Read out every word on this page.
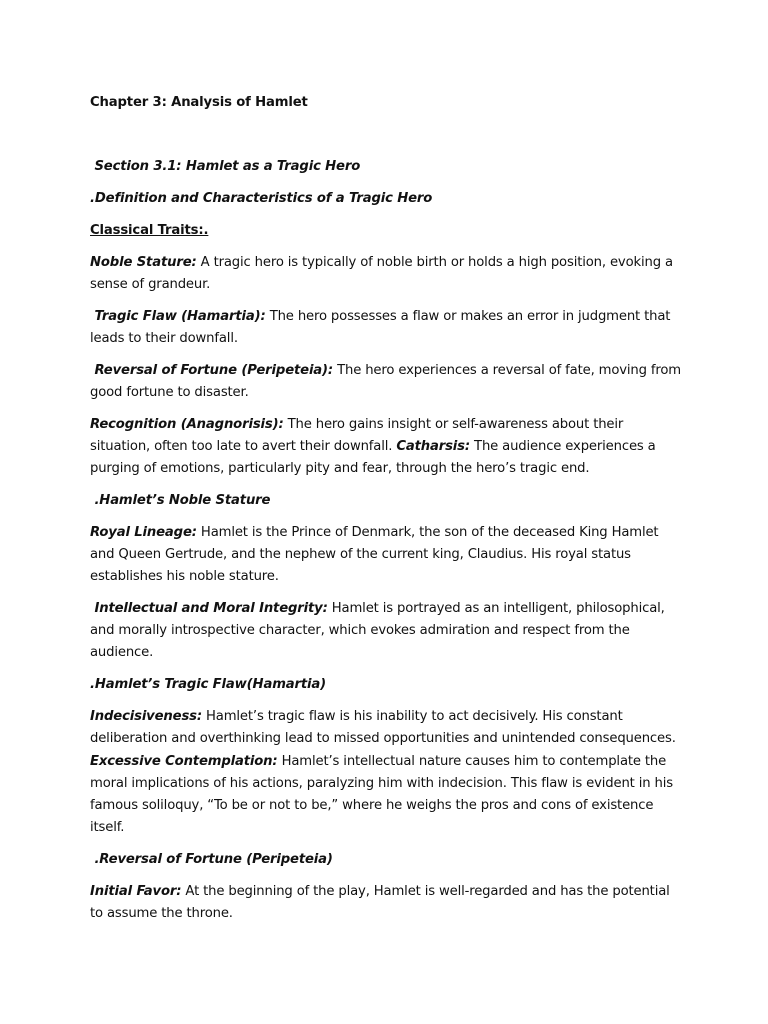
Chapter 3: Analysis of Hamlet

Section 3.1: Hamlet as a Tragic Hero

.Definition and Characteristics of a Tragic Hero

Classical Traits:.

Noble Stature: A tragic hero is typically of noble birth or holds a high position, evoking a sense of grandeur.

Tragic Flaw (Hamartia): The hero possesses a flaw or makes an error in judgment that leads to their downfall.

Reversal of Fortune (Peripeteia): The hero experiences a reversal of fate, moving from good fortune to disaster.

Recognition (Anagnorisis): The hero gains insight or self-awareness about their situation, often too late to avert their downfall. Catharsis: The audience experiences a purging of emotions, particularly pity and fear, through the hero’s tragic end.

.Hamlet’s Noble Stature

Royal Lineage: Hamlet is the Prince of Denmark, the son of the deceased King Hamlet and Queen Gertrude, and the nephew of the current king, Claudius. His royal status establishes his noble stature.

Intellectual and Moral Integrity: Hamlet is portrayed as an intelligent, philosophical, and morally introspective character, which evokes admiration and respect from the audience.

.Hamlet’s Tragic Flaw(Hamartia)

Indecisiveness: Hamlet’s tragic flaw is his inability to act decisively. His constant deliberation and overthinking lead to missed opportunities and unintended consequences.

Excessive Contemplation: Hamlet’s intellectual nature causes him to contemplate the moral implications of his actions, paralyzing him with indecision. This flaw is evident in his famous soliloquy, “To be or not to be,” where he weighs the pros and cons of existence itself.

.Reversal of Fortune (Peripeteia)

Initial Favor: At the beginning of the play, Hamlet is well-regarded and has the potential to assume the throne.
